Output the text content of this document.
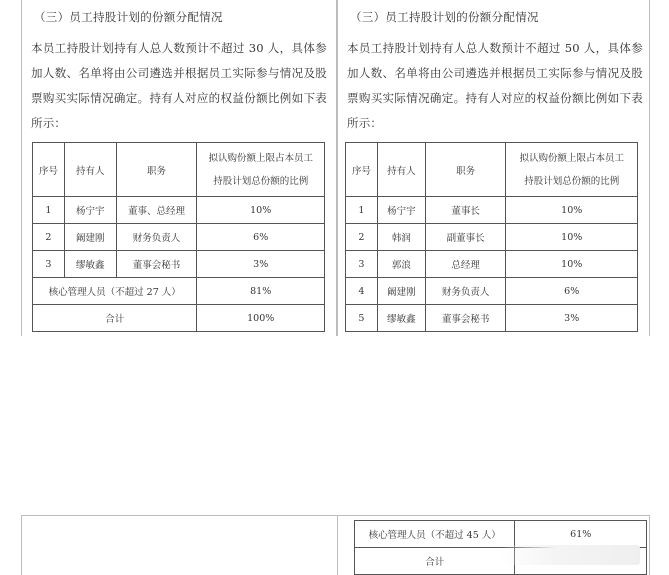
（三）员工持股计划的份额分配情况
本员工持股计划持有人总人数预计不超过 30 人，具体参加人数、名单将由公司遴选并根据员工实际参与情况及股票购买实际情况确定。持有人对应的权益份额比例如下表所示：
序号	持有人	职务	拟认购份额上限占本员工
持股计划总份额的比例

1	杨宁宇	董事、总经理	10%
2	阚建刚	财务负责人	6%
3	缪敏鑫	董事会秘书	3%
核心管理人员（不超过 27 人）			81%
合计			100%
（三）员工持股计划的份额分配情况
本员工持股计划持有人总人数预计不超过 50 人，具体参加人数、名单将由公司遴选并根据员工实际参与情况及股票购买实际情况确定。持有人对应的权益份额比例如下表所示：
序号	持有人	职务	拟认购份额上限占本员工
持股计划总份额的比例

1	杨宁宇	董事长	10%
2	韩润	副董事长	10%
3	郭浪	总经理	10%
4	阚建刚	财务负责人	6%
5	缪敏鑫	董事会秘书	3%
核心管理人员（不超过 45 人）	61%
合计	
